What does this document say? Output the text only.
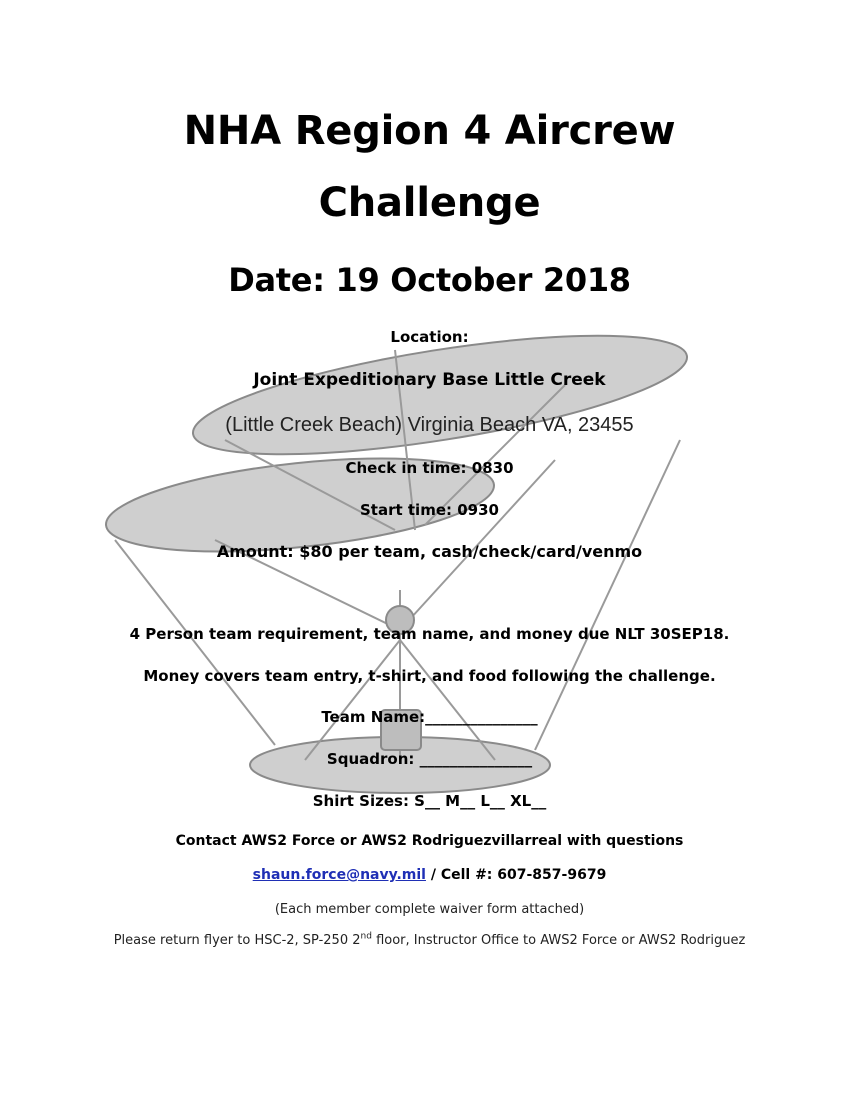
NHA Region 4 Aircrew
Challenge
Date: 19 October 2018
Location:
Joint Expeditionary Base Little Creek
(Little Creek Beach) Virginia Beach VA, 23455
Check in time: 0830
Start time: 0930
Amount: $80 per team, cash/check/card/venmo
4 Person team requirement, team name, and money due NLT 30SEP18.
Money covers team entry, t-shirt, and food following the challenge.
Team Name:_______________
Squadron: _______________
Shirt Sizes: S__ M__ L__ XL__
Contact AWS2 Force or AWS2 Rodriguezvillarreal with questions
shaun.force@navy.mil / Cell #: 607-857-9679
(Each member complete waiver form attached)
Please return flyer to HSC-2, SP-250 2nd floor, Instructor Office to AWS2 Force or AWS2 Rodriguez
